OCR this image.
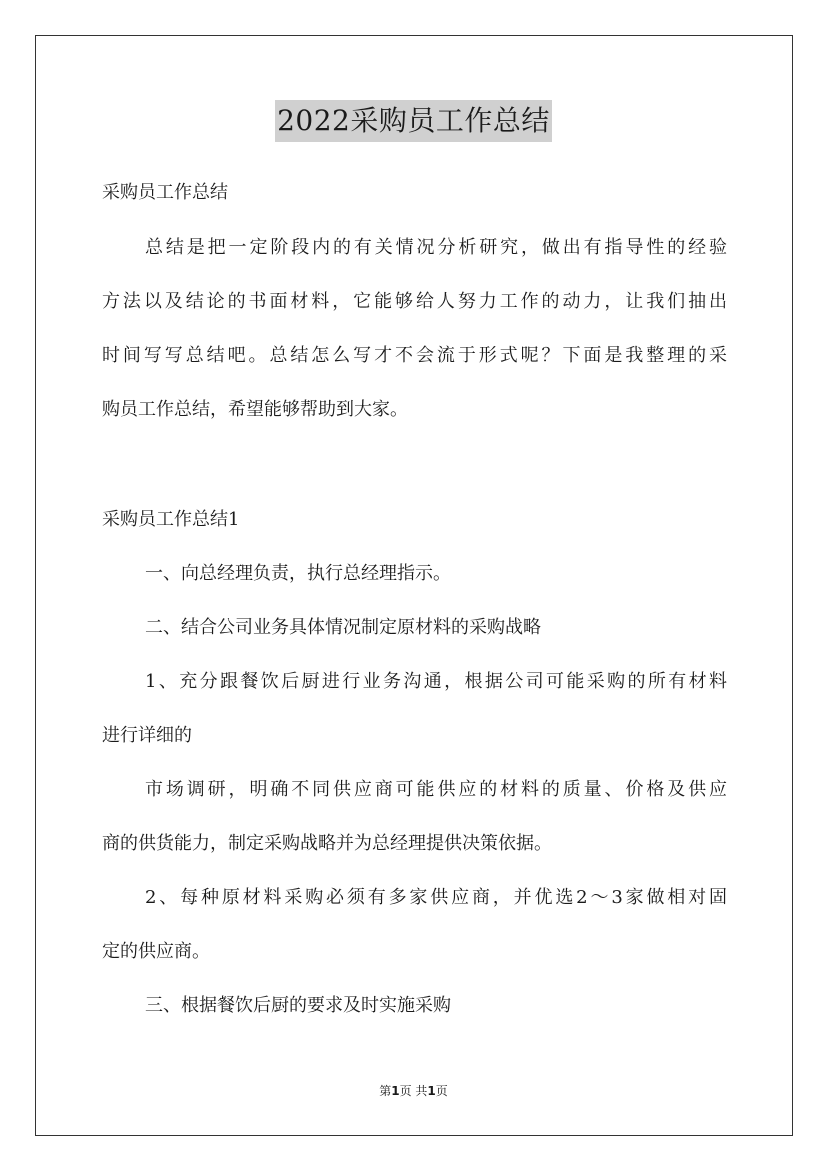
2022采购员工作总结
采购员工作总结
总结是把一定阶段内的有关情况分析研究，做出有指导性的经验
方法以及结论的书面材料，它能够给人努力工作的动力，让我们抽出
时间写写总结吧。总结怎么写才不会流于形式呢？下面是我整理的采
购员工作总结，希望能够帮助到大家。
采购员工作总结1
一、向总经理负责，执行总经理指示。
二、结合公司业务具体情况制定原材料的采购战略
1、充分跟餐饮后厨进行业务沟通，根据公司可能采购的所有材料
进行详细的
市场调研，明确不同供应商可能供应的材料的质量、价格及供应
商的供货能力，制定采购战略并为总经理提供决策依据。
2、每种原材料采购必须有多家供应商，并优选2～3家做相对固
定的供应商。
三、根据餐饮后厨的要求及时实施采购
第1页 共1页
